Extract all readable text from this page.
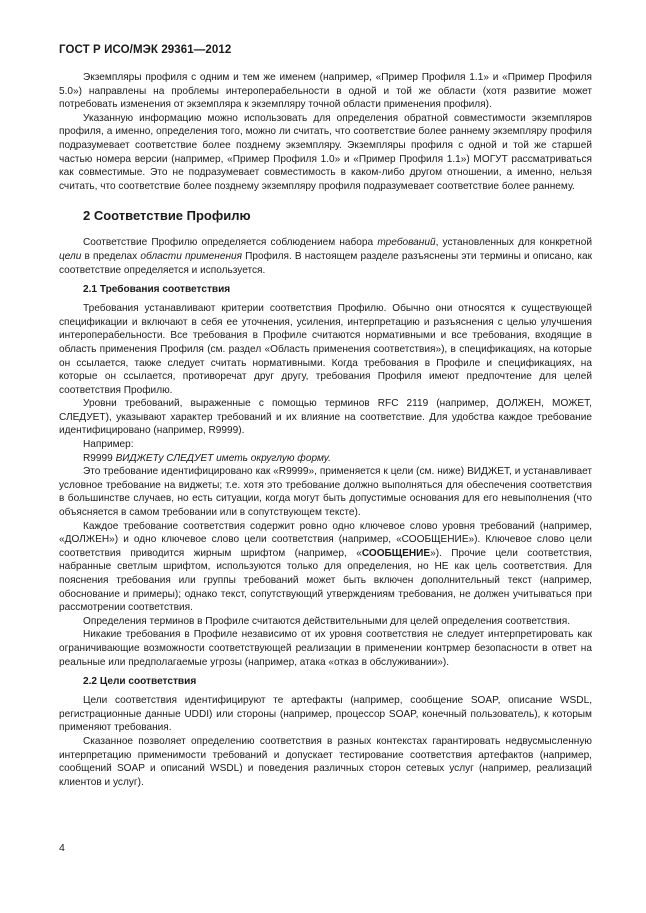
ГОСТ Р ИСО/МЭК 29361—2012

Экземпляры профиля с одним и тем же именем (например, «Пример Профиля 1.1» и «Пример Профиля 5.0») направлены на проблемы интероперабельности в одной и той же области (хотя развитие может потребовать изменения от экземпляра к экземпляру точной области применения профиля).

Указанную информацию можно использовать для определения обратной совместимости экземпляров профиля, а именно, определения того, можно ли считать, что соответствие более раннему экземпляру профиля подразумевает соответствие более позднему экземпляру. Экземпляры профиля с одной и той же старшей частью номера версии (например, «Пример Профиля 1.0» и «Пример Профиля 1.1») МОГУТ рассматриваться как совместимые. Это не подразумевает совместимость в каком-либо другом отношении, а именно, нельзя считать, что соответствие более позднему экземпляру профиля подразумевает соответствие более раннему.

2 Соответствие Профилю

Соответствие Профилю определяется соблюдением набора требований, установленных для конкретной цели в пределах области применения Профиля. В настоящем разделе разъяснены эти термины и описано, как соответствие определяется и используется.

2.1 Требования соответствия

Требования устанавливают критерии соответствия Профилю. Обычно они относятся к существующей спецификации и включают в себя ее уточнения, усиления, интерпретацию и разъяснения с целью улучшения интероперабельности. Все требования в Профиле считаются нормативными и все требования, входящие в область применения Профиля (см. раздел «Область применения соответствия»), в спецификациях, на которые он ссылается, также следует считать нормативными. Когда требования в Профиле и спецификациях, на которые он ссылается, противоречат друг другу, требования Профиля имеют предпочтение для целей соответствия Профилю.

Уровни требований, выраженные с помощью терминов RFC 2119 (например, ДОЛЖЕН, МОЖЕТ, СЛЕДУЕТ), указывают характер требований и их влияние на соответствие. Для удобства каждое требование идентифицировано (например, R9999).

Например:

R9999 ВИДЖЕТу СЛЕДУЕТ иметь округлую форму.

Это требование идентифицировано как «R9999», применяется к цели (см. ниже) ВИДЖЕТ, и устанавливает условное требование на виджеты; т.е. хотя это требование должно выполняться для обеспечения соответствия в большинстве случаев, но есть ситуации, когда могут быть допустимые основания для его невыполнения (что объясняется в самом требовании или в сопутствующем тексте).

Каждое требование соответствия содержит ровно одно ключевое слово уровня требований (например, «ДОЛЖЕН») и одно ключевое слово цели соответствия (например, «СООБЩЕНИЕ»). Ключевое слово цели соответствия приводится жирным шрифтом (например, «СООБЩЕНИЕ»). Прочие цели соответствия, набранные светлым шрифтом, используются только для определения, но НЕ как цель соответствия. Для пояснения требования или группы требований может быть включен дополнительный текст (например, обоснование и примеры); однако текст, сопутствующий утверждениям требования, не должен учитываться при рассмотрении соответствия.

Определения терминов в Профиле считаются действительными для целей определения соответствия.

Никакие требования в Профиле независимо от их уровня соответствия не следует интерпретировать как ограничивающие возможности соответствующей реализации в применении контрмер безопасности в ответ на реальные или предполагаемые угрозы (например, атака «отказ в обслуживании»).

2.2 Цели соответствия

Цели соответствия идентифицируют те артефакты (например, сообщение SOAP, описание WSDL, регистрационные данные UDDI) или стороны (например, процессор SOAP, конечный пользователь), к которым применяют требования.

Сказанное позволяет определению соответствия в разных контекстах гарантировать недвусмысленную интерпретацию применимости требований и допускает тестирование соответствия артефактов (например, сообщений SOAP и описаний WSDL) и поведения различных сторон сетевых услуг (например, реализаций клиентов и услуг).

4
